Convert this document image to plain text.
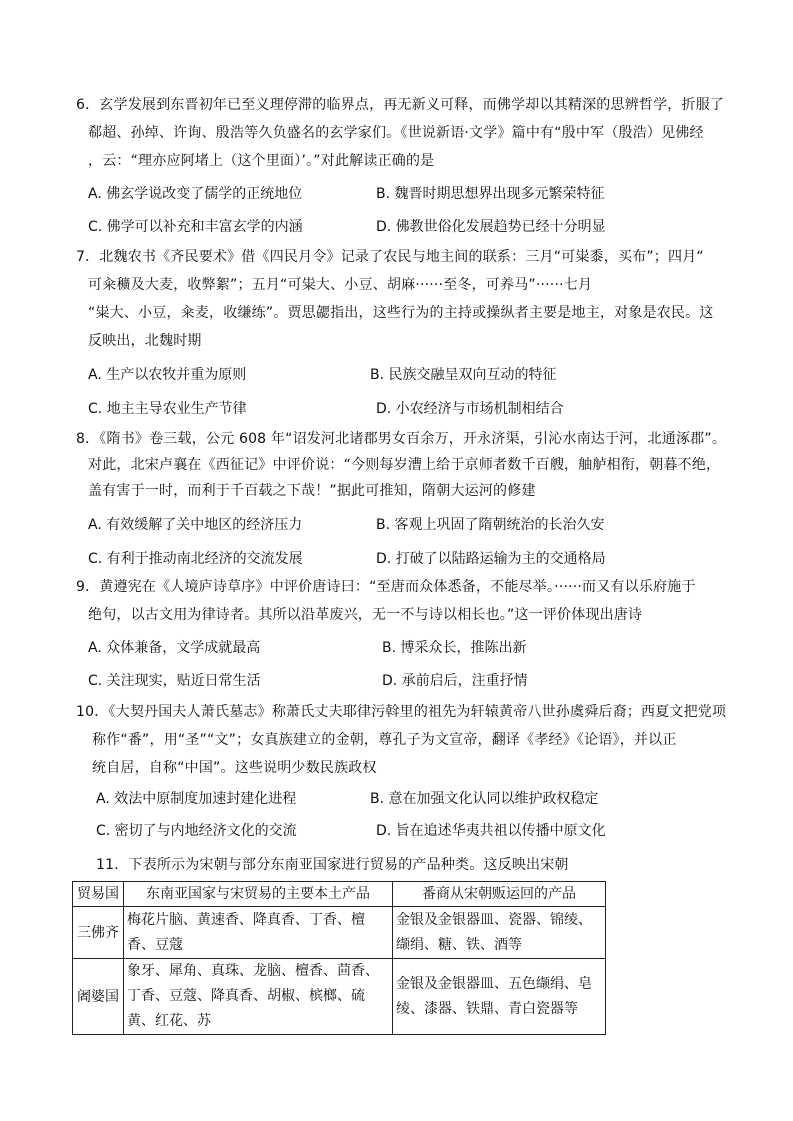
6．玄学发展到东晋初年已至义理停滞的临界点，再无新义可释，而佛学却以其精深的思辨哲学，折服了
郗超、孙绰、许询、殷浩等久负盛名的玄学家们。《世说新语·文学》篇中有“殷中军（殷浩）见佛经
，云：“理亦应阿堵上（这个里面）’。”对此解读正确的是
A. 佛玄学说改变了儒学的正统地位	B. 魏晋时期思想界出现多元繁荣特征
C. 佛学可以补充和丰富玄学的内涵	D. 佛教世俗化发展趋势已经十分明显
7．北魏农书《齐民要术》借《四民月令》记录了农民与地主间的联系：三月“可粜黍，买布”；四月“
可籴穬及大麦，收弊絮”；五月“可粜大、小豆、胡麻······至冬，可养马”······七月
“粜大、小豆，籴麦，收缣练”。贾思勰指出，这些行为的主持或操纵者主要是地主，对象是农民。这
反映出，北魏时期
A. 生产以农牧并重为原则	B. 民族交融呈双向互动的特征
C. 地主主导农业生产节律	D. 小农经济与市场机制相结合
8．《隋书》卷三载，公元 608 年“诏发河北诸郡男女百余万，开永济渠，引沁水南达于河，北通涿郡”。
对此，北宋卢襄在《西征记》中评价说：“今则每岁漕上给于京师者数千百艘，舳舻相衔，朝暮不绝，
盖有害于一时，而利于千百载之下哉！”据此可推知，隋朝大运河的修建
A. 有效缓解了关中地区的经济压力	B. 客观上巩固了隋朝统治的长治久安
C. 有利于推动南北经济的交流发展	D. 打破了以陆路运输为主的交通格局
9．黄遵宪在《人境庐诗草序》中评价唐诗曰：“至唐而众体悉备，不能尽举。······而又有以乐府施于
绝句，以古文用为律诗者。其所以沿革废兴，无一不与诗以相长也。”这一评价体现出唐诗
A. 众体兼备，文学成就最高	B. 博采众长，推陈出新
C. 关注现实，贴近日常生活	D. 承前启后，注重抒情
10．《大契丹国夫人萧氏墓志》称萧氏丈夫耶律污斡里的祖先为轩辕黄帝八世孙虞舜后裔；西夏文把党项
称作“番”，用“圣”“文”；女真族建立的金朝，尊孔子为文宣帝，翻译《孝经》《论语》，并以正
统自居，自称“中国”。这些说明少数民族政权
A. 效法中原制度加速封建化进程	B. 意在加强文化认同以维护政权稳定
C. 密切了与内地经济文化的交流	D. 旨在追述华夷共祖以传播中原文化
11．下表所示为宋朝与部分东南亚国家进行贸易的产品种类。这反映出宋朝
贸易国	东南亚国家与宋贸易的主要本土产品	番商从宋朝贩运回的产品
三佛齐	梅花片脑、黄速香、降真香、丁香、檀香、豆蔻	金银及金银器皿、瓷器、锦绫、缬绢、糖、铁、酒等

阇婆国	象牙、犀角、真珠、龙脑、檀香、茴香、丁香、豆蔻、降真香、胡椒、槟榔、硫黄、红花、苏	金银及金银器皿、五色缬绢、皂绫、漆器、铁鼎、青白瓷器等
